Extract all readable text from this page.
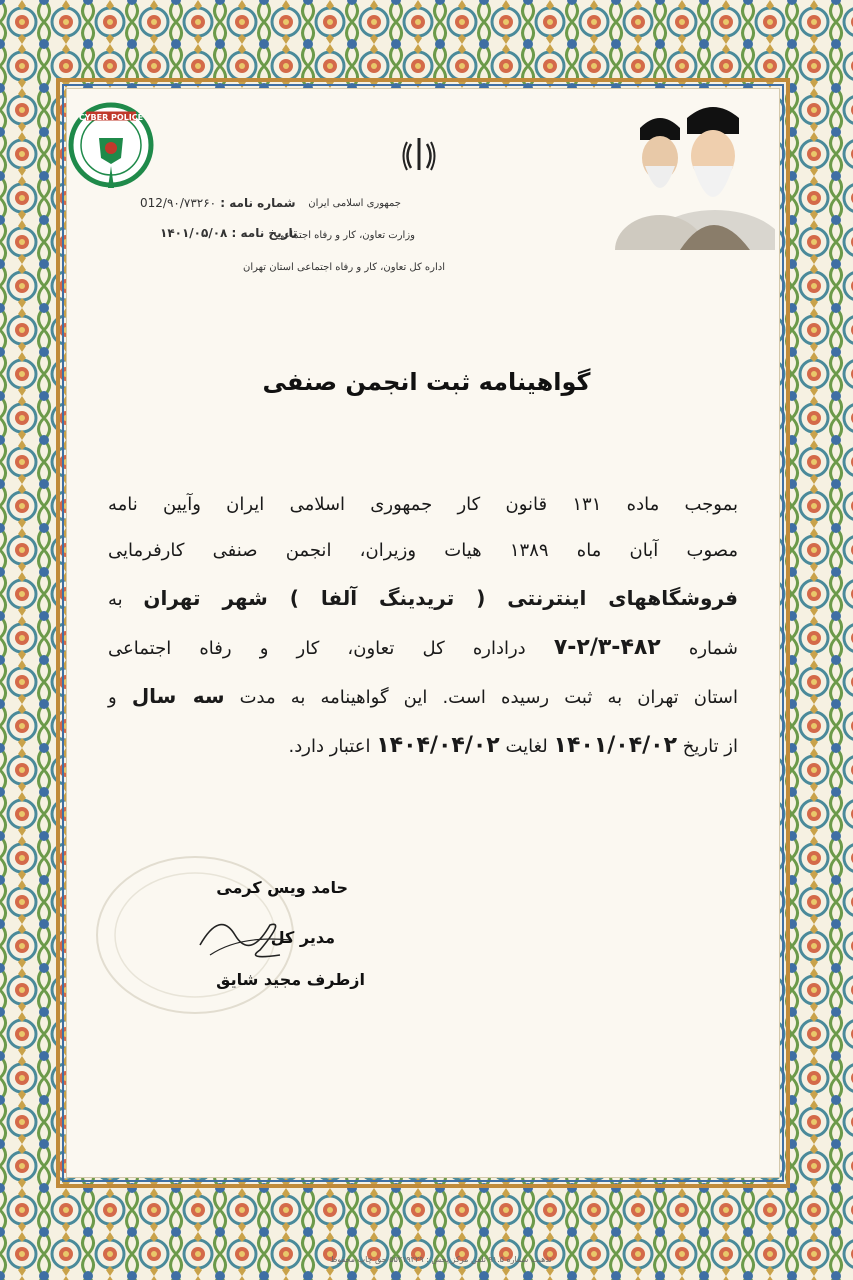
CYBER POLICE
شماره نامه : 012/۹۰/۷۳۲۶۰
تاریخ نامه : ۱۴۰۱/۰۵/۰۸
جمهوری اسلامی ایران
وزارت تعاون، کار و رفاه اجتماعی
اداره کل تعاون، کار و رفاه اجتماعی استان تهران
گواهینامه ثبت انجمن صنفی
بموجب ماده ۱۳۱ قانون کار جمهوری اسلامی ایران وآیین نامه
مصوب آبان ماه ۱۳۸۹ هیات وزیران، انجمن صنفی کارفرمایی
فروشگاههای اینترنتی ( تریدینگ آلفا ) شهر تهران به
شماره ۴۸۲-۲/۳-۷ دراداره کل تعاون، کار و رفاه اجتماعی
استان تهران به ثبت رسیده است. این گواهینامه به مدت سه سال و
از تاریخ ۱۴۰۱/۰۴/۰۲ لغایت ۱۴۰۴/۰۴/۰۲ اعتبار دارد.
حامد ویس کرمی
مدیر کل
ازطرف مجید شایق
تذهیب شماره ۹۱.۵ تلفن مرکز پخش : ۵۵۲۱۹۲۲۹ حق چاپ محفوظ
